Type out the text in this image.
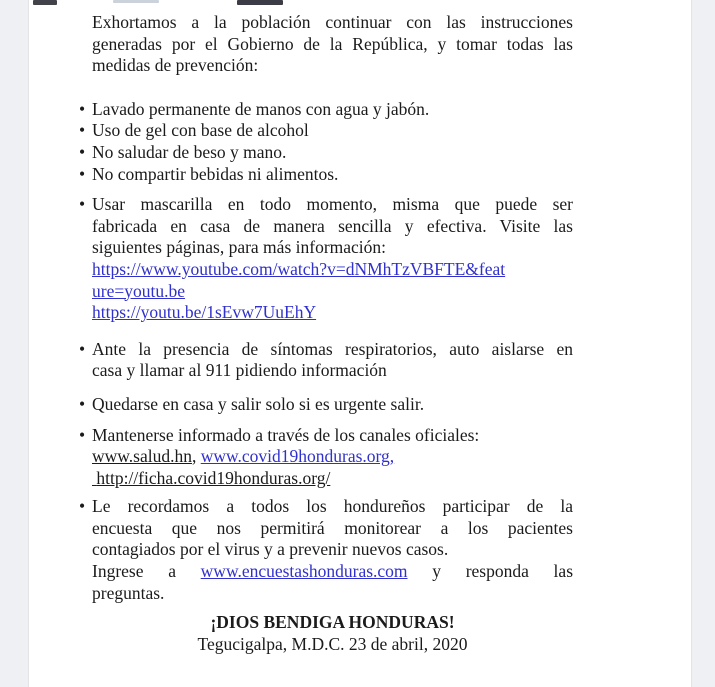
Exhortamos a la población continuar con las instrucciones
generadas por el Gobierno de la República, y tomar todas las
medidas de prevención:
• Lavado permanente de manos con agua y jabón.
• Uso de gel con base de alcohol
• No saludar de beso y mano.
• No compartir bebidas ni alimentos.
• Usar mascarilla en todo momento, misma que puede ser
fabricada en casa de manera sencilla y efectiva. Visite las
siguientes páginas, para más información:
https://www.youtube.com/watch?v=dNMhTzVBFTE&feat
ure=youtu.be
https://youtu.be/1sEvw7UuEhY
• Ante la presencia de síntomas respiratorios, auto aislarse en
casa y llamar al 911 pidiendo información
• Quedarse en casa y salir solo si es urgente salir.
• Mantenerse informado a través de los canales oficiales:
www.salud.hn, www.covid19honduras.org,
http://ficha.covid19honduras.org/
• Le recordamos a todos los hondureños participar de la
encuesta que nos permitirá monitorear a los pacientes
contagiados por el virus y a prevenir nuevos casos.
Ingrese a www.encuestashonduras.com y responda las
preguntas.
¡DIOS BENDIGA HONDURAS!
Tegucigalpa, M.D.C. 23 de abril, 2020
